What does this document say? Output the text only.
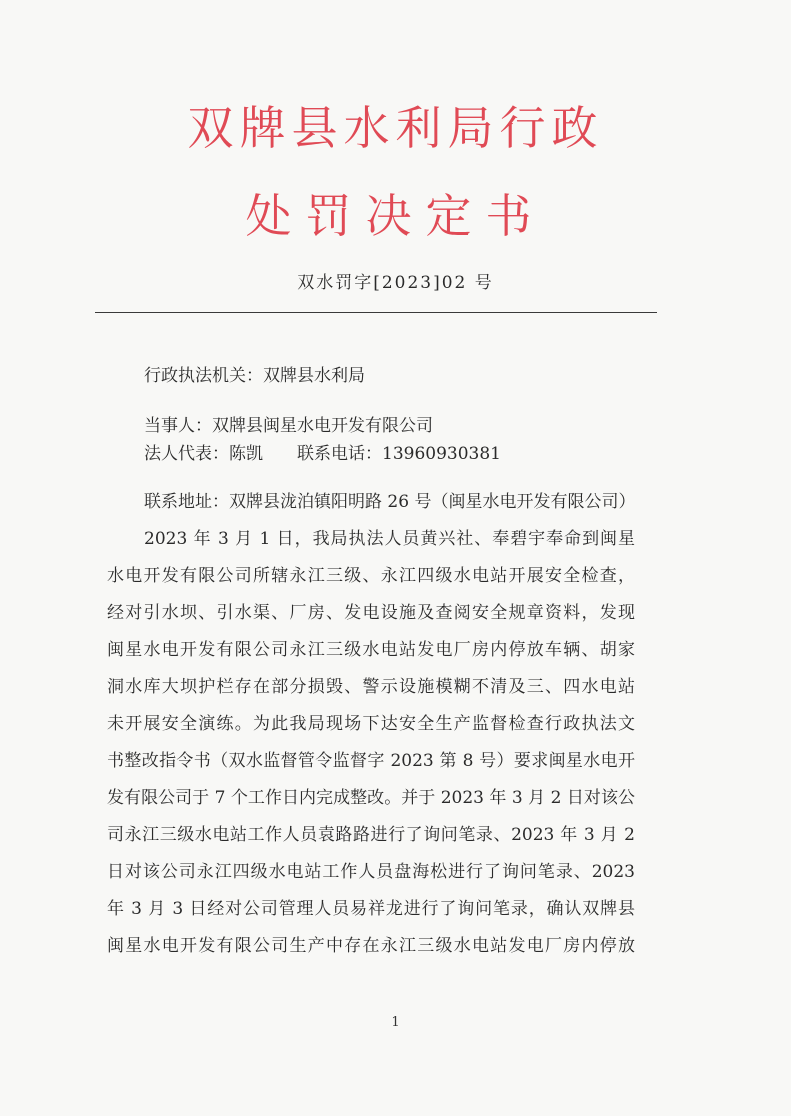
双牌县水利局行政
处罚决定书
双水罚字[2023]02 号
行政执法机关：双牌县水利局
当事人：双牌县闽星水电开发有限公司
法人代表：陈凯　　联系电话：13960930381
联系地址：双牌县泷泊镇阳明路 26 号（闽星水电开发有限公司）
2023 年 3 月 1 日，我局执法人员黄兴社、奉碧宇奉命到闽星
水电开发有限公司所辖永江三级、永江四级水电站开展安全检查，
经对引水坝、引水渠、厂房、发电设施及查阅安全规章资料，发现
闽星水电开发有限公司永江三级水电站发电厂房内停放车辆、胡家
洞水库大坝护栏存在部分损毁、警示设施模糊不清及三、四水电站
未开展安全演练。为此我局现场下达安全生产监督检查行政执法文
书整改指令书（双水监督管令监督字 2023 第 8 号）要求闽星水电开
发有限公司于 7 个工作日内完成整改。并于 2023 年 3 月 2 日对该公
司永江三级水电站工作人员袁路路进行了询问笔录、2023 年 3 月 2
日对该公司永江四级水电站工作人员盘海松进行了询问笔录、2023
年 3 月 3 日经对公司管理人员易祥龙进行了询问笔录，确认双牌县
闽星水电开发有限公司生产中存在永江三级水电站发电厂房内停放
1
